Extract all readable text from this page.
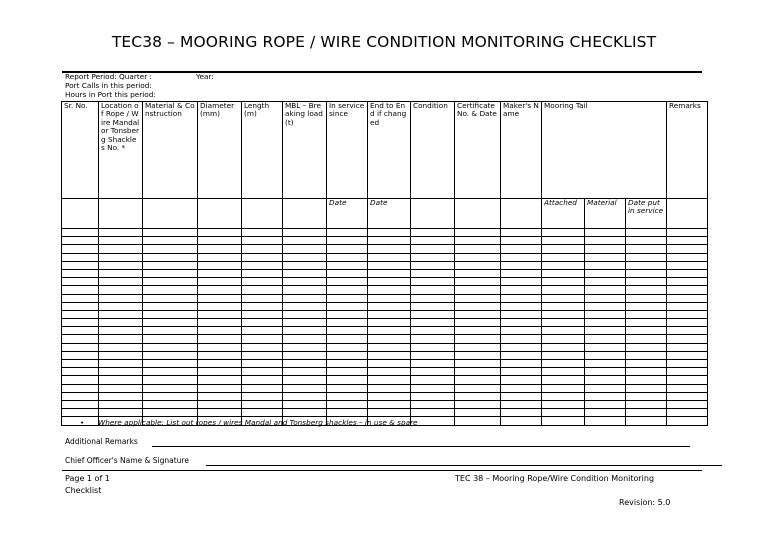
TEC38 – MOORING ROPE / WIRE CONDITION MONITORING CHECKLIST
Report Period: Quarter :	Year:
Port Calls in this period:
Hours in Port this period:
Sr. No.	Location of Rope / Wire Mandal or Tonsberg Shackles No. *	Material & Construction	Diameter (mm)	Length (m)	MBL – Breaking load (t)	In service since	End to End if changed	Condition	Certificate No. & Date	Maker's Name	Mooring Tail			Remarks
						Date	Date				Attached	Material	Date put in service	

• Where applicable: List out ropes / wires Mandal and Tonsberg shackles – in use & spare
Additional Remarks
Chief Officer's Name & Signature
Page 1 of 1
Checklist
TEC 38 – Mooring Rope/Wire Condition Monitoring
Revision: 5.0
